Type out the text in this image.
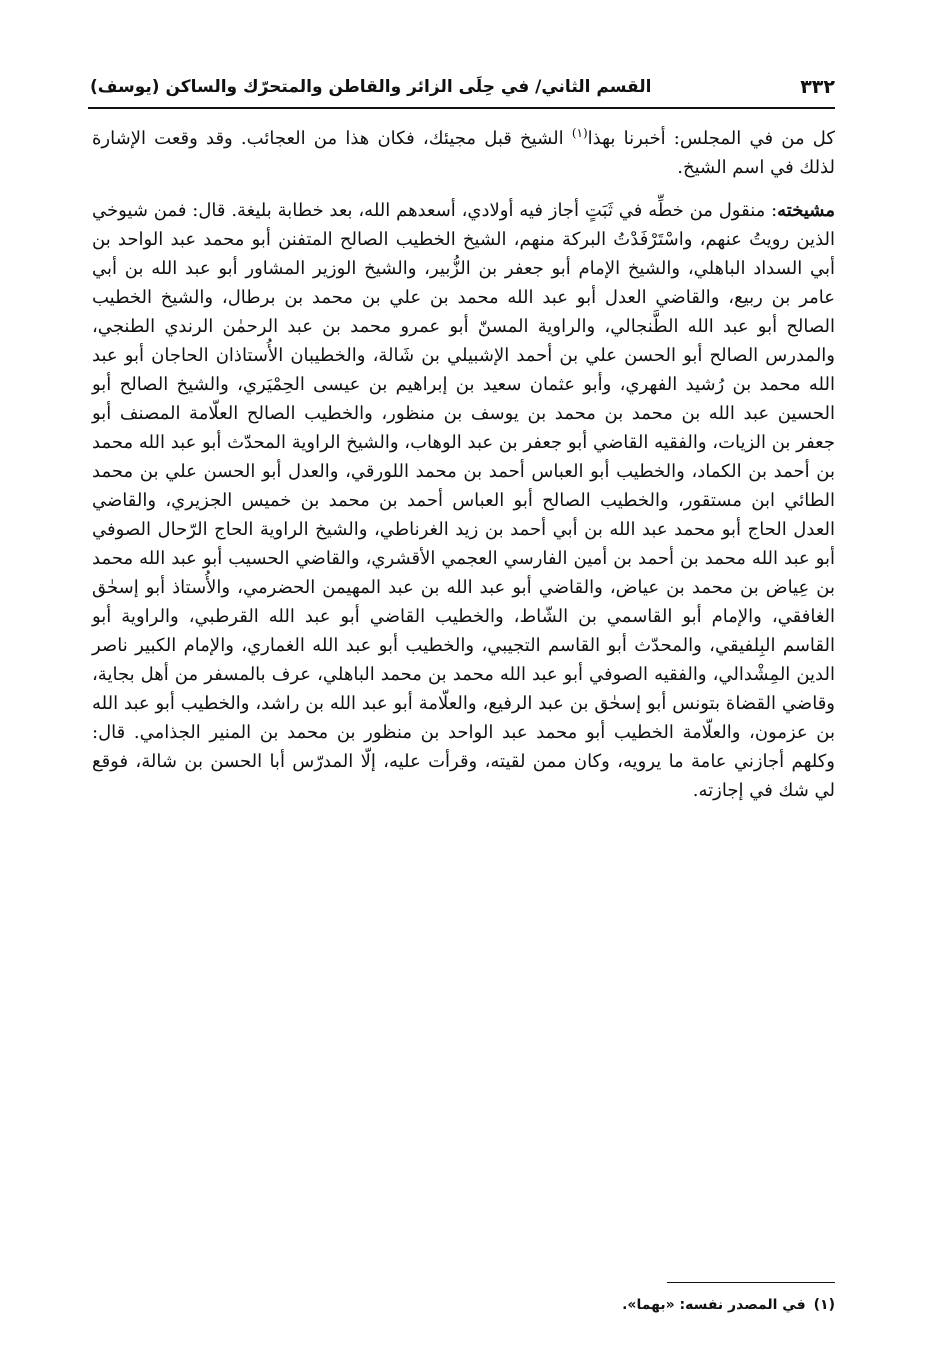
٣٣٢
القسم الثاني/ في حِلَى الزائر والقاطن والمتحرّك والساكن (يوسف)

كل من في المجلس: أخبرنا بهذا$^{(١)}$ الشيخ قبل مجيئك، فكان هذا من العجائب. وقد وقعت الإشارة لذلك في اسم الشيخ.

مشيخته: منقول من خطِّه في ثَبَتٍ أجاز فيه أولادي، أسعدهم الله، بعد خطابة بليغة. قال: فمن شيوخي الذين رويتُ عنهم، واسْتَرْفَدْتُ البركة منهم، الشيخ الخطيب الصالح المتفنن أبو محمد عبد الواحد بن أبي السداد الباهلي، والشيخ الإمام أبو جعفر بن الزُّبير، والشيخ الوزير المشاور أبو عبد الله بن أبي عامر بن ربيع، والقاضي العدل أبو عبد الله محمد بن علي بن محمد بن برطال، والشيخ الخطيب الصالح أبو عبد الله الطَّنجالي، والراوية المسنّ أبو عمرو محمد بن عبد الرحمٰن الرندي الطنجي، والمدرس الصالح أبو الحسن علي بن أحمد الإشبيلي بن شَالة، والخطيبان الأُستاذان الحاجان أبو عبد الله محمد بن رُشيد الفهري، وأبو عثمان سعيد بن إبراهيم بن عيسى الحِمْيَري، والشيخ الصالح أبو الحسين عبد الله بن محمد بن محمد بن يوسف بن منظور، والخطيب الصالح العلّامة المصنف أبو جعفر بن الزيات، والفقيه القاضي أبو جعفر بن عبد الوهاب، والشيخ الراوية المحدّث أبو عبد الله محمد بن أحمد بن الكماد، والخطيب أبو العباس أحمد بن محمد اللورقي، والعدل أبو الحسن علي بن محمد الطائي ابن مستقور، والخطيب الصالح أبو العباس أحمد بن محمد بن خميس الجزيري، والقاضي العدل الحاج أبو محمد عبد الله بن أبي أحمد بن زيد الغرناطي، والشيخ الراوية الحاج الرّحال الصوفي أبو عبد الله محمد بن أحمد بن أمين الفارسي العجمي الأقشري، والقاضي الحسيب أبو عبد الله محمد بن عِياض بن محمد بن عياض، والقاضي أبو عبد الله بن عبد المهيمن الحضرمي، والأُستاذ أبو إسحٰق الغافقي، والإمام أبو القاسمي بن الشّاط، والخطيب القاضي أبو عبد الله القرطبي، والراوية أبو القاسم البِلفيقي، والمحدّث أبو القاسم التجيبي، والخطيب أبو عبد الله الغماري، والإمام الكبير ناصر الدين المِشْدالي، والفقيه الصوفي أبو عبد الله محمد بن محمد الباهلي، عرف بالمسفر من أهل بجاية، وقاضي القضاة بتونس أبو إسحٰق بن عبد الرفيع، والعلّامة أبو عبد الله بن راشد، والخطيب أبو عبد الله بن عزمون، والعلّامة الخطيب أبو محمد عبد الواحد بن منظور بن محمد بن المنير الجذامي. قال: وكلهم أجازني عامة ما يرويه، وكان ممن لقيته، وقرأت عليه، إلّا المدرّس أبا الحسن بن شالة، فوقع لي شك في إجازته.

(١)في المصدر نفسه: «بهما».
